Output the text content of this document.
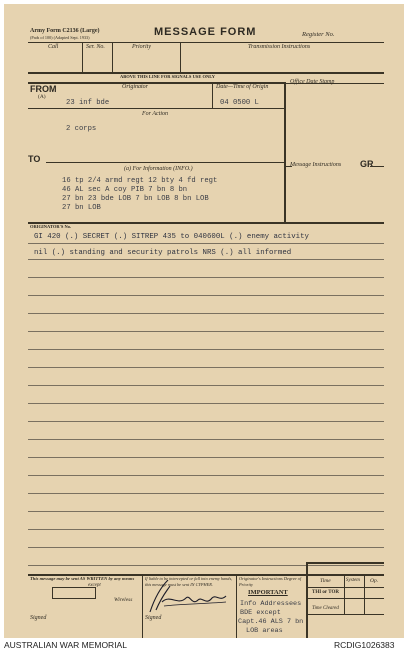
Army Form C2136 (Large)
(Pads of 100) (Adapted Sept. 1933)	MESSAGE FORM	Register No.
Call	Ser. No.	Priority	Transmission Instructions
ABOVE THIS LINE FOR SIGNALS USE ONLY
Office Date Stamp
FROM
(A)
Originator	Date—Time of Origin
23 inf bde	04 0500 L
For Action
2 corps
TO
(a) For Information (INFO.)
16 tp 2/4 armd regt 12 bty 4 fd regt
46 AL sec A coy PIB 7 bn 8 bn
27 bn 23 bde LOB 7 bn LOB 8 bn LOB
27 bn LOB
Message Instructions GR
ORIGINATOR'S No.
GI 420 (.) SECRET (.) SITREP 435 to 040600L (.) enemy activity
nil (.) standing and security patrols NRS (.) all informed
This message may be sent AS WRITTEN by any means
except
Wireless
If liable to be intercepted or fall into enemy hands, this message must be sent IN CYPHER.
Signed	Signed
Originator's Instructions Degree of Priority
IMPORTANT
Info Addressees
BDE except
Capt.46 ALS 7 bn
LOB areas
Time	System Op.
THI or TOR
Time Cleared
AUSTRALIAN WAR MEMORIAL	RCDIG1026383
